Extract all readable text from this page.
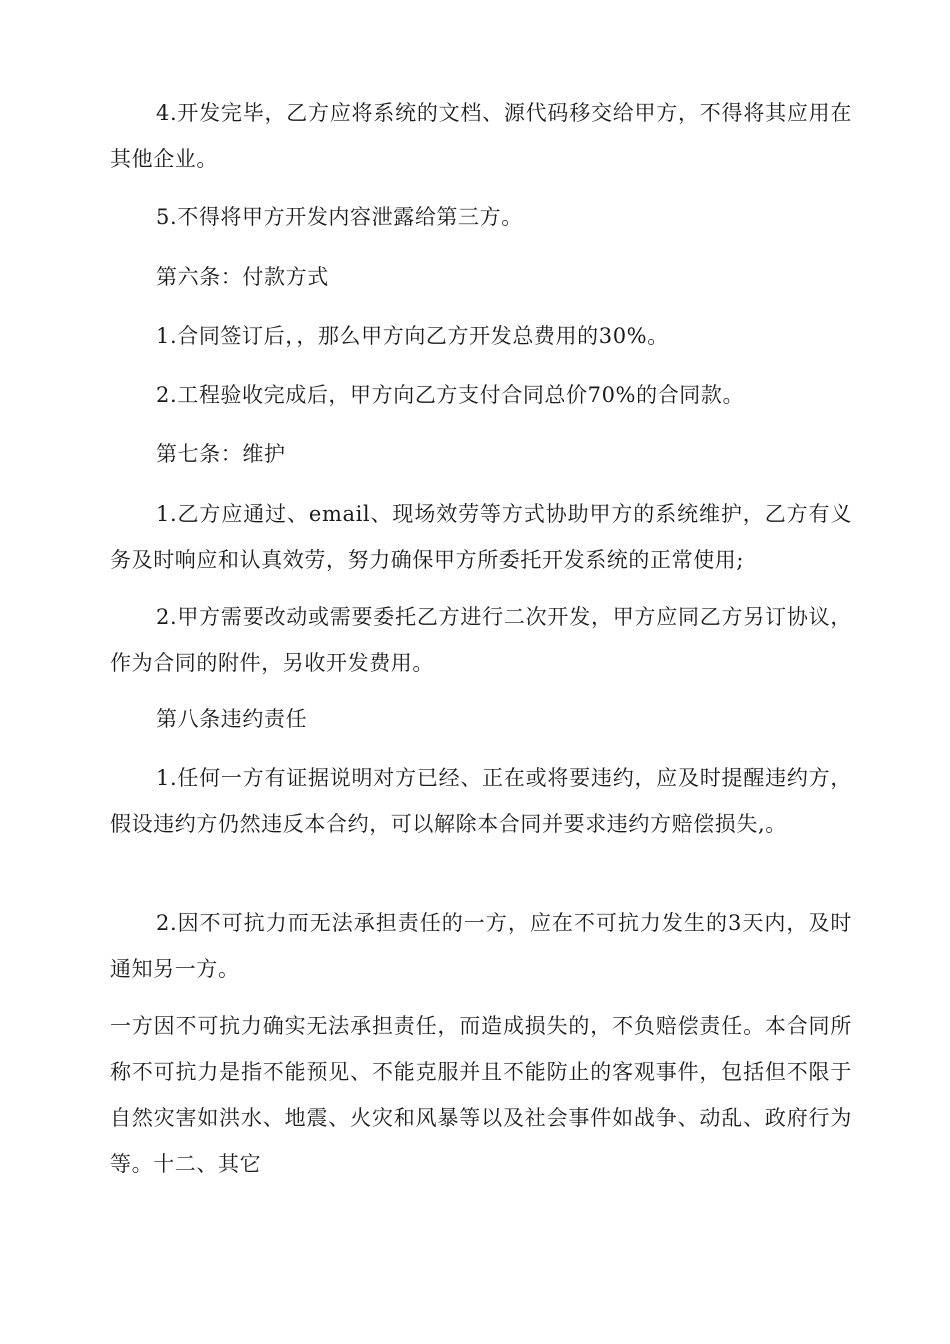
4.开发完毕，乙方应将系统的文档、源代码移交给甲方，不得将其应用在其他企业。

5.不得将甲方开发内容泄露给第三方。

第六条：付款方式

1.合同签订后，，那么甲方向乙方开发总费用的30%。

2.工程验收完成后，甲方向乙方支付合同总价70%的合同款。

第七条：维护

1.乙方应通过、email、现场效劳等方式协助甲方的系统维护，乙方有义务及时响应和认真效劳，努力确保甲方所委托开发系统的正常使用;

2.甲方需要改动或需要委托乙方进行二次开发，甲方应同乙方另订协议，作为合同的附件，另收开发费用。

第八条违约责任

1.任何一方有证据说明对方已经、正在或将要违约，应及时提醒违约方，假设违约方仍然违反本合约，可以解除本合同并要求违约方赔偿损失,。

2.因不可抗力而无法承担责任的一方，应在不可抗力发生的3天内，及时通知另一方。

一方因不可抗力确实无法承担责任，而造成损失的，不负赔偿责任。本合同所称不可抗力是指不能预见、不能克服并且不能防止的客观事件，包括但不限于自然灾害如洪水、地震、火灾和风暴等以及社会事件如战争、动乱、政府行为等。十二、其它
